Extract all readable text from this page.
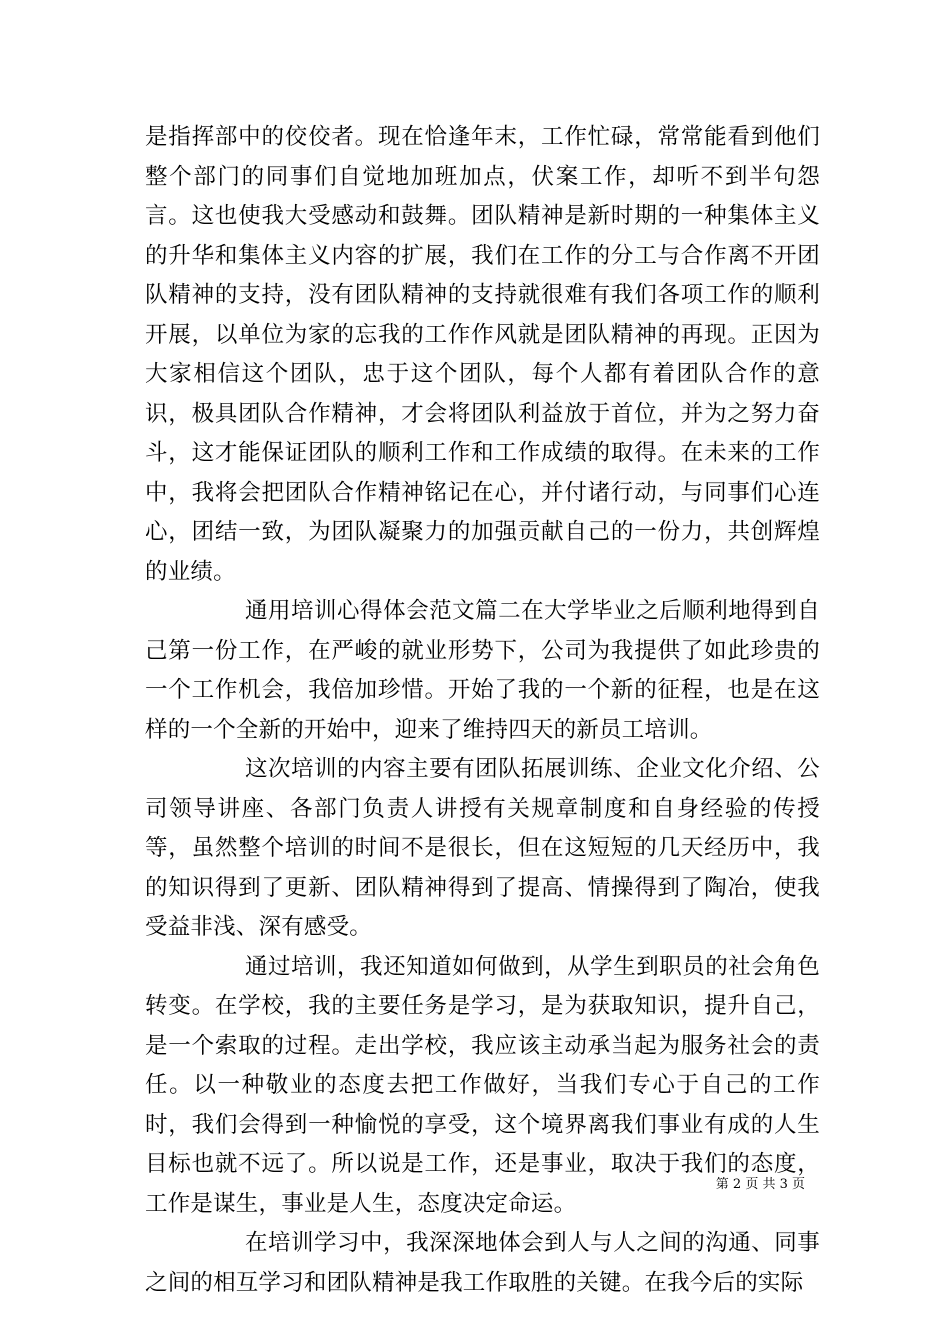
是指挥部中的佼佼者。现在恰逢年末，工作忙碌，常常能看到他们整个部门的同事们自觉地加班加点，伏案工作，却听不到半句怨言。这也使我大受感动和鼓舞。团队精神是新时期的一种集体主义的升华和集体主义内容的扩展，我们在工作的分工与合作离不开团队精神的支持，没有团队精神的支持就很难有我们各项工作的顺利开展，以单位为家的忘我的工作作风就是团队精神的再现。正因为大家相信这个团队，忠于这个团队，每个人都有着团队合作的意识，极具团队合作精神，才会将团队利益放于首位，并为之努力奋斗，这才能保证团队的顺利工作和工作成绩的取得。在未来的工作中，我将会把团队合作精神铭记在心，并付诸行动，与同事们心连心，团结一致，为团队凝聚力的加强贡献自己的一份力，共创辉煌的业绩。

通用培训心得体会范文篇二在大学毕业之后顺利地得到自己第一份工作，在严峻的就业形势下，公司为我提供了如此珍贵的一个工作机会，我倍加珍惜。开始了我的一个新的征程，也是在这样的一个全新的开始中，迎来了维持四天的新员工培训。

这次培训的内容主要有团队拓展训练、企业文化介绍、公司领导讲座、各部门负责人讲授有关规章制度和自身经验的传授等，虽然整个培训的时间不是很长，但在这短短的几天经历中，我的知识得到了更新、团队精神得到了提高、情操得到了陶冶，使我受益非浅、深有感受。

通过培训，我还知道如何做到，从学生到职员的社会角色转变。在学校，我的主要任务是学习，是为获取知识，提升自己，是一个索取的过程。走出学校，我应该主动承当起为服务社会的责任。以一种敬业的态度去把工作做好，当我们专心于自己的工作时，我们会得到一种愉悦的享受，这个境界离我们事业有成的人生目标也就不远了。所以说是工作，还是事业，取决于我们的态度，工作是谋生，事业是人生，态度决定命运。

在培训学习中，我深深地体会到人与人之间的沟通、同事之间的相互学习和团队精神是我工作取胜的关键。在我今后的实际

第 2 页 共 3 页
